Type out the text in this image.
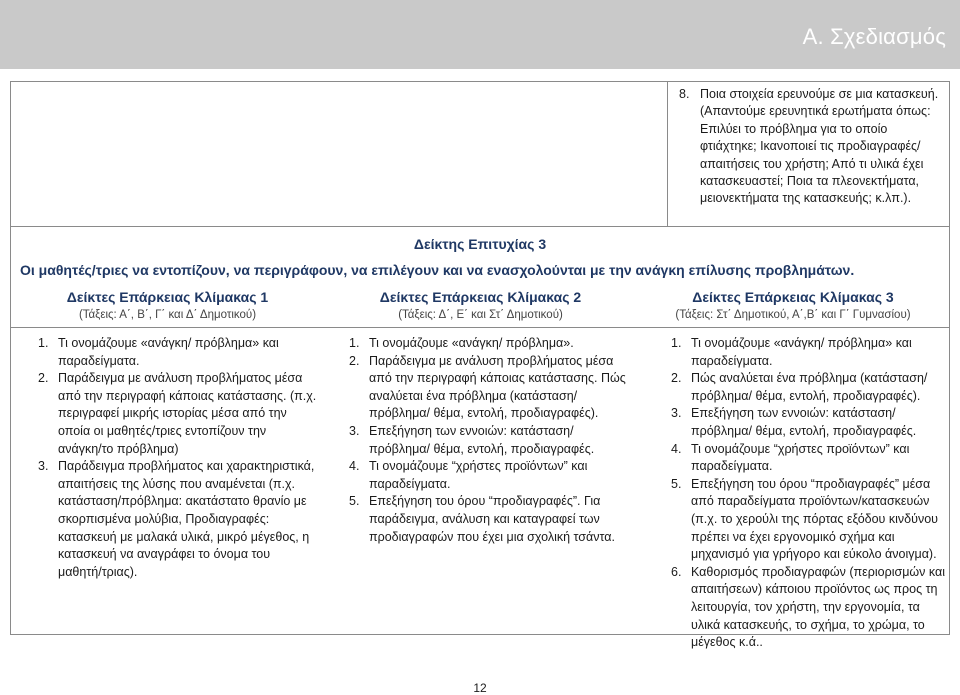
Α. Σχεδιασμός
8. Ποια στοιχεία ερευνούμε σε μια κατασκευή. (Απαντούμε ερευνητικά ερωτήματα όπως: Επιλύει το πρόβλημα για το οποίο φτιάχτηκε; Ικανοποιεί τις προδιαγραφές/απαιτήσεις του χρήστη; Από τι υλικά έχει κατασκευαστεί; Ποια τα πλεονεκτήματα, μειονεκτήματα της κατασκευής; κ.λπ.).
Δείκτης Επιτυχίας 3
Οι μαθητές/τριες να εντοπίζουν, να περιγράφουν, να επιλέγουν και να ενασχολούνται με την ανάγκη επίλυσης προβλημάτων.
Δείκτες Επάρκειας Κλίμακας 1
(Τάξεις: Α΄, Β΄, Γ΄ και Δ΄ Δημοτικού)
Δείκτες Επάρκειας Κλίμακας 2
(Τάξεις: Δ΄, Ε΄ και Στ΄ Δημοτικού)
Δείκτες Επάρκειας Κλίμακας 3
(Τάξεις: Στ΄ Δημοτικού, Α΄,Β΄ και Γ΄ Γυμνασίου)
1. Τι ονομάζουμε «ανάγκη/ πρόβλημα» και
παραδείγματα.
2. Παράδειγμα με ανάλυση προβλήματος μέσα
από την περιγραφή κάποιας κατάστασης. (π.χ.
περιγραφεί μικρής ιστορίας μέσα από την
οποία οι μαθητές/τριες εντοπίζουν την
ανάγκη/το πρόβλημα)
3. Παράδειγμα προβλήματος και χαρακτηριστικά,
απαιτήσεις της λύσης που αναμένεται (π.χ.
κατάσταση/πρόβλημα: ακατάστατο θρανίο με
σκορπισμένα μολύβια, Προδιαγραφές:
κατασκευή με μαλακά υλικά, μικρό μέγεθος, η
κατασκευή να αναγράφει το όνομα του
μαθητή/τριας).
1. Τι ονομάζουμε «ανάγκη/ πρόβλημα».
2. Παράδειγμα με ανάλυση προβλήματος μέσα
από την περιγραφή κάποιας κατάστασης. Πώς
αναλύεται ένα πρόβλημα (κατάσταση/
πρόβλημα/ θέμα, εντολή, προδιαγραφές).
3. Επεξήγηση των εννοιών: κατάσταση/
πρόβλημα/ θέμα, εντολή, προδιαγραφές.
4. Τι ονομάζουμε “χρήστες προϊόντων” και
παραδείγματα.
5. Επεξήγηση του όρου “προδιαγραφές”. Για
παράδειγμα, ανάλυση και καταγραφεί των
προδιαγραφών που έχει μια σχολική τσάντα.
1. Τι ονομάζουμε «ανάγκη/ πρόβλημα» και
παραδείγματα.
2. Πώς αναλύεται ένα πρόβλημα (κατάσταση/
πρόβλημα/ θέμα, εντολή, προδιαγραφές).
3. Επεξήγηση των εννοιών: κατάσταση/
πρόβλημα/ θέμα, εντολή, προδιαγραφές.
4. Τι ονομάζουμε “χρήστες προϊόντων” και
παραδείγματα.
5. Επεξήγηση του όρου “προδιαγραφές” μέσα
από παραδείγματα προϊόντων/κατασκευών
(π.χ. το χερούλι της πόρτας εξόδου κινδύνου
πρέπει να έχει εργονομικό σχήμα και
μηχανισμό για γρήγορο και εύκολο άνοιγμα).
6. Καθορισμός προδιαγραφών (περιορισμών και
απαιτήσεων) κάποιου προϊόντος ως προς τη
λειτουργία, τον χρήστη, την εργονομία, τα
υλικά κατασκευής, το σχήμα, το χρώμα, το
μέγεθος κ.ά..
12
